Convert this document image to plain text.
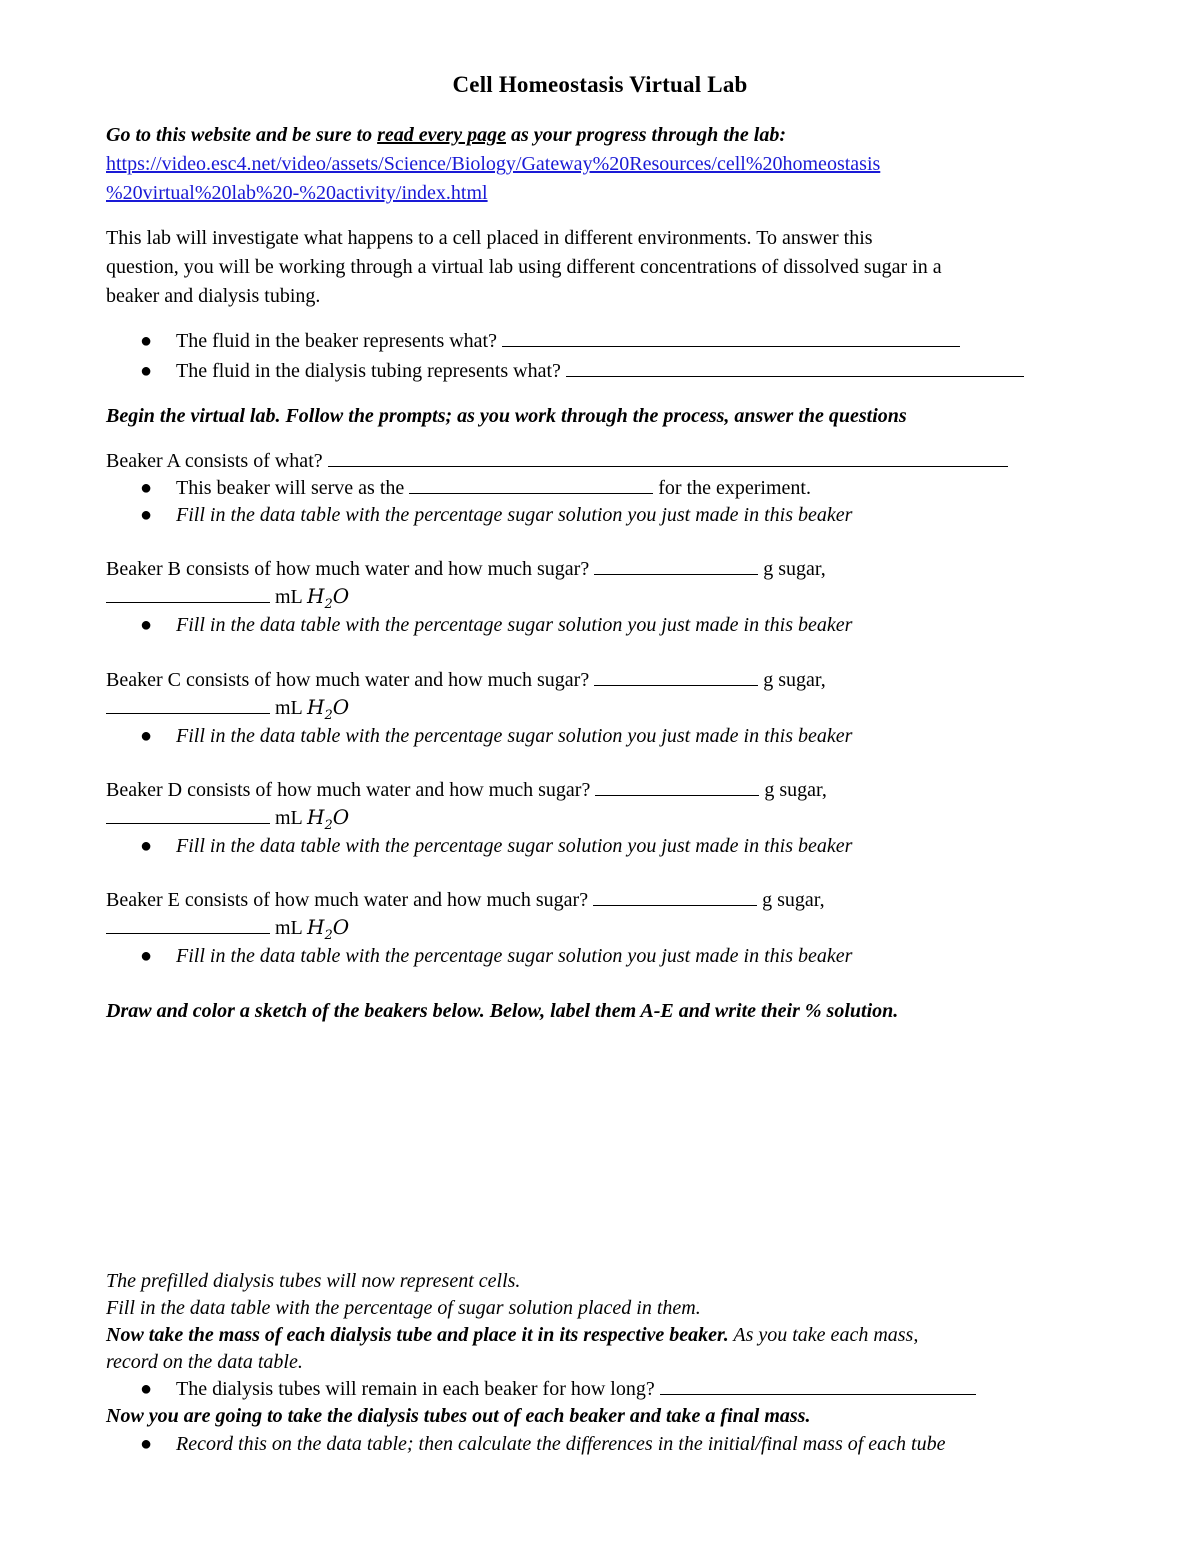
Cell Homeostasis Virtual Lab
Go to this website and be sure to read every page as your progress through the lab:
https://video.esc4.net/video/assets/Science/Biology/Gateway%20Resources/cell%20homeostasis
%20virtual%20lab%20-%20activity/index.html
This lab will investigate what happens to a cell placed in different environments. To answer this
question, you will be working through a virtual lab using different concentrations of dissolved sugar in a
beaker and dialysis tubing.
● The fluid in the beaker represents what?
● The fluid in the dialysis tubing represents what?
Begin the virtual lab. Follow the prompts; as you work through the process, answer the questions
Beaker A consists of what?
● This beaker will serve as the	for the experiment.
● Fill in the data table with the percentage sugar solution you just made in this beaker
Beaker B consists of how much water and how much sugar?	g sugar,
mL $H_2O$
● Fill in the data table with the percentage sugar solution you just made in this beaker
Beaker C consists of how much water and how much sugar?	g sugar,
mL $H_2O$
● Fill in the data table with the percentage sugar solution you just made in this beaker
Beaker D consists of how much water and how much sugar?	g sugar,
mL $H_2O$
● Fill in the data table with the percentage sugar solution you just made in this beaker
Beaker E consists of how much water and how much sugar?	g sugar,
mL $H_2O$
● Fill in the data table with the percentage sugar solution you just made in this beaker
Draw and color a sketch of the beakers below. Below, label them A-E and write their % solution.
The prefilled dialysis tubes will now represent cells.
Fill in the data table with the percentage of sugar solution placed in them.
Now take the mass of each dialysis tube and place it in its respective beaker. As you take each mass,
record on the data table.
● The dialysis tubes will remain in each beaker for how long?
Now you are going to take the dialysis tubes out of each beaker and take a final mass.
● Record this on the data table; then calculate the differences in the initial/final mass of each tube
